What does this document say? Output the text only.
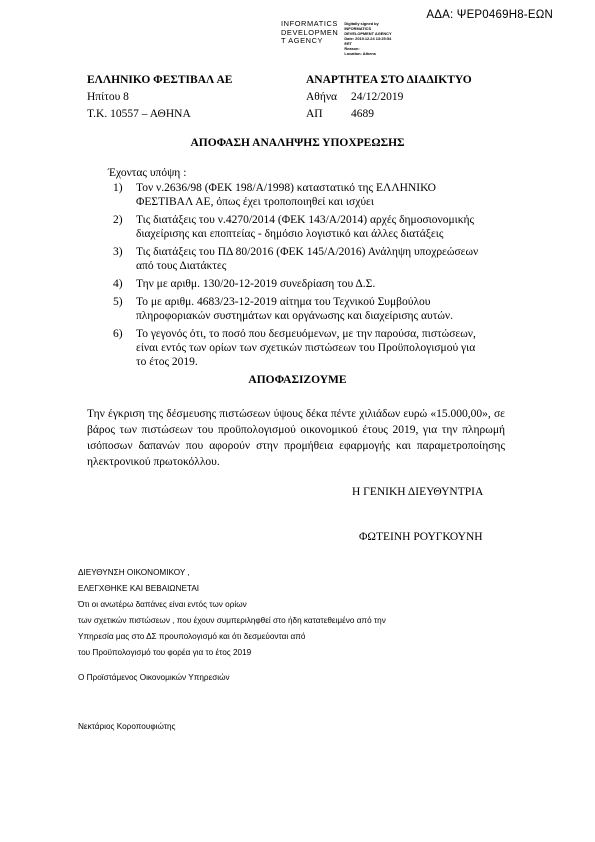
ΑΔΑ: ΨΕΡ0469Η8-ΕΩΝ
INFORMATICS
DEVELOPMEN
T AGENCY
Digitally signed by
INFORMATICS
DEVELOPMENT AGENCY
Date: 2019.12.24 13:25:54
EET
Reason:
Location: Athens
ΕΛΛΗΝΙΚΟ ΦΕΣΤΙΒΑΛ ΑΕ
Ηπίτου 8
Τ.Κ. 10557 – ΑΘΗΝΑ
ΑΝΑΡΤΗΤΕΑ ΣΤΟ ΔΙΑΔΙΚΤΥΟ
Αθήνα	24/12/2019
ΑΠ	4689
ΑΠΟΦΑΣΗ ΑΝΑΛΗΨΗΣ ΥΠΟΧΡΕΩΣΗΣ
Έχοντας υπόψη :
1)	Τον ν.2636/98 (ΦΕΚ 198/Α/1998) καταστατικό της ΕΛΛΗΝΙΚΟ ΦΕΣΤΙΒΑΛ ΑΕ, όπως έχει τροποποιηθεί και ισχύει
2)	Τις διατάξεις του ν.4270/2014 (ΦΕΚ 143/Α/2014) αρχές δημοσιονομικής διαχείρισης και εποπτείας - δημόσιο λογιστικό και άλλες διατάξεις
3)	Τις διατάξεις του ΠΔ 80/2016 (ΦΕΚ 145/Α/2016) Ανάληψη υποχρεώσεων από τους Διατάκτες
4)	Την με αριθμ. 130/20-12-2019 συνεδρίαση του Δ.Σ.
5)	Το με αριθμ. 4683/23-12-2019 αίτημα του Τεχνικού Συμβούλου πληροφοριακών συστημάτων και οργάνωσης και διαχείρισης αυτών.
6)	Το γεγονός ότι, το ποσό που δεσμευόμενων, με την παρούσα, πιστώσεων, είναι εντός των ορίων των σχετικών πιστώσεων του Προϋπολογισμού για το έτος 2019.
ΑΠΟΦΑΣΙΖΟΥΜΕ
Την έγκριση της δέσμευσης πιστώσεων ύψους δέκα πέντε χιλιάδων ευρώ «15.000,00», σε βάρος των πιστώσεων του προϋπολογισμού οικονομικού έτους 2019, για την πληρωμή ισόποσων δαπανών που αφορούν στην προμήθεια εφαρμογής και παραμετροποίησης ηλεκτρονικού πρωτοκόλλου.
Η ΓΕΝΙΚΗ ΔΙΕΥΘΥΝΤΡΙΑ
ΦΩΤΕΙΝΗ ΡΟΥΓΚΟΥΝΗ
ΔΙΕΥΘΥΝΣΗ ΟΙΚΟΝΟΜΙΚΟΥ ,
ΕΛΕΓΧΘΗΚΕ ΚΑΙ ΒΕΒΑΙΩΝΕΤΑΙ
Ότι οι ανωτέρω δαπάνες είναι εντός των ορίων
των σχετικών πιστώσεων , που έχουν συμπεριληφθεί στο ήδη κατατεθειμένο από την
Υπηρεσία μας στο ΔΣ προυπολογισμό και ότι δεσμεύονται από
του Προϋπολογισμό του φορέα για το έτος 2019
Ο Προϊστάμενος Οικονομικών Υπηρεσιών
Νεκτάριος Κοροπουφιώτης
